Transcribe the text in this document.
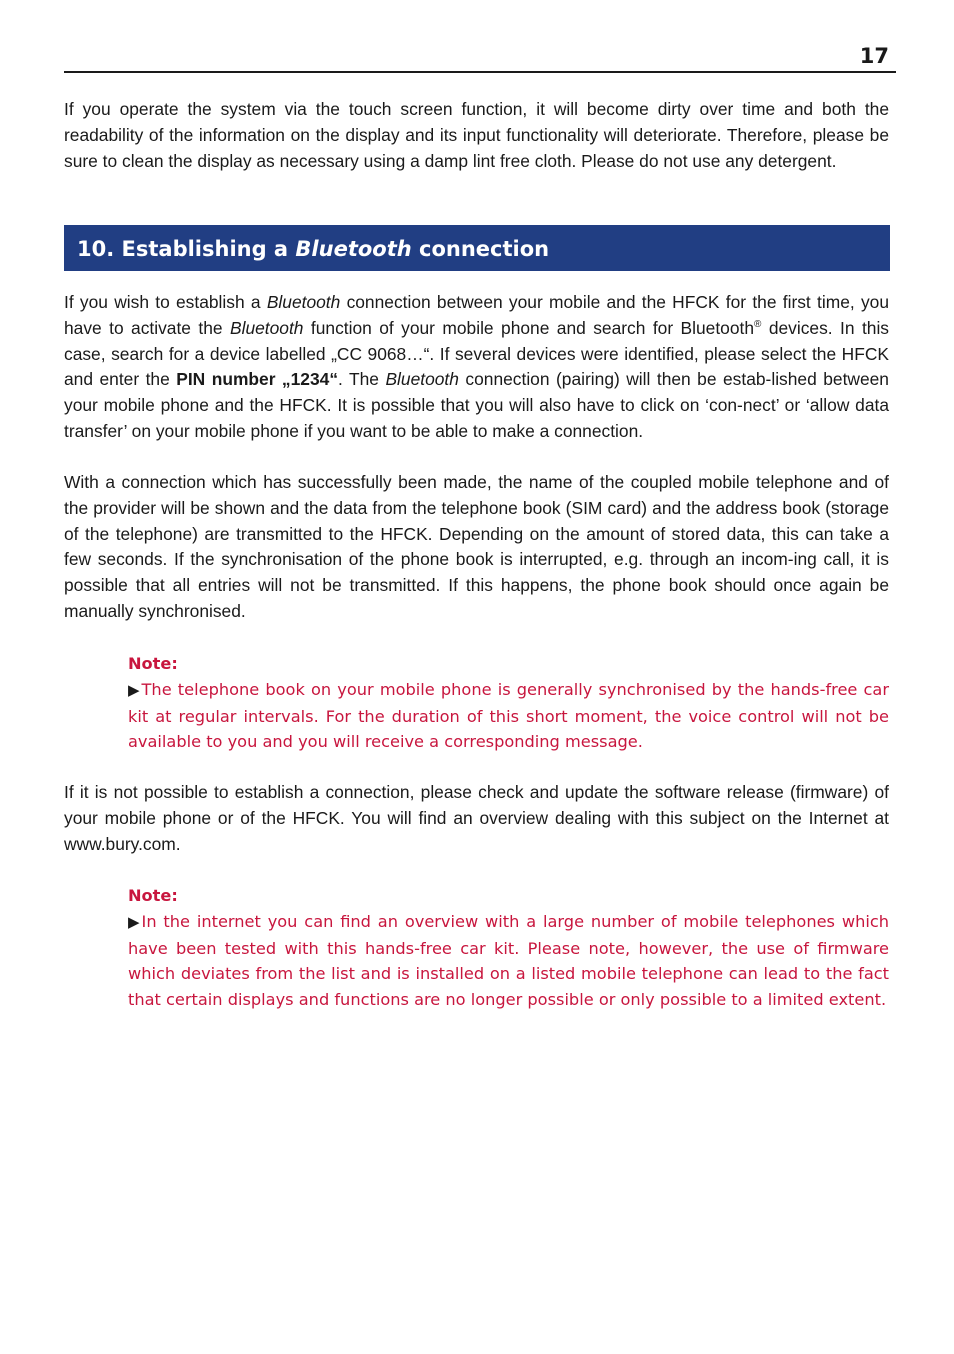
17

If you operate the system via the touch screen function, it will become dirty over time and both the readability of the information on the display and its input functionality will deteriorate. Therefore, please be sure to clean the display as necessary using a damp lint free cloth. Please do not use any detergent.

10. Establishing a Bluetooth connection

If you wish to establish a Bluetooth connection between your mobile and the HFCK for the first time, you have to activate the Bluetooth function of your mobile phone and search for Bluetooth® devices. In this case, search for a device labelled „CC 9068…“. If several devices were identified, please select the HFCK and enter the PIN number „1234“. The Bluetooth connection (pairing) will then be estab-lished between your mobile phone and the HFCK. It is possible that you will also have to click on ‘con-nect’ or ‘allow data transfer’ on your mobile phone if you want to be able to make a connection.

With a connection which has successfully been made, the name of the coupled mobile telephone and of the provider will be shown and the data from the telephone book (SIM card) and the address book (storage of the telephone) are transmitted to the HFCK. Depending on the amount of stored data, this can take a few seconds. If the synchronisation of the phone book is interrupted, e.g. through an incom-ing call, it is possible that all entries will not be transmitted. If this happens, the phone book should once again be manually synchronised.

Note:
▶ The telephone book on your mobile phone is generally synchronised by the hands-free car kit at regular intervals. For the duration of this short moment, the voice control will not be available to you and you will receive a corresponding message.

If it is not possible to establish a connection, please check and update the software release (firmware) of your mobile phone or of the HFCK. You will find an overview dealing with this subject on the Internet at www.bury.com.

Note:
▶ In the internet you can find an overview with a large number of mobile telephones which have been tested with this hands-free car kit. Please note, however, the use of firmware which deviates from the list and is installed on a listed mobile telephone can lead to the fact that certain displays and functions are no longer possible or only possible to a limited extent.
